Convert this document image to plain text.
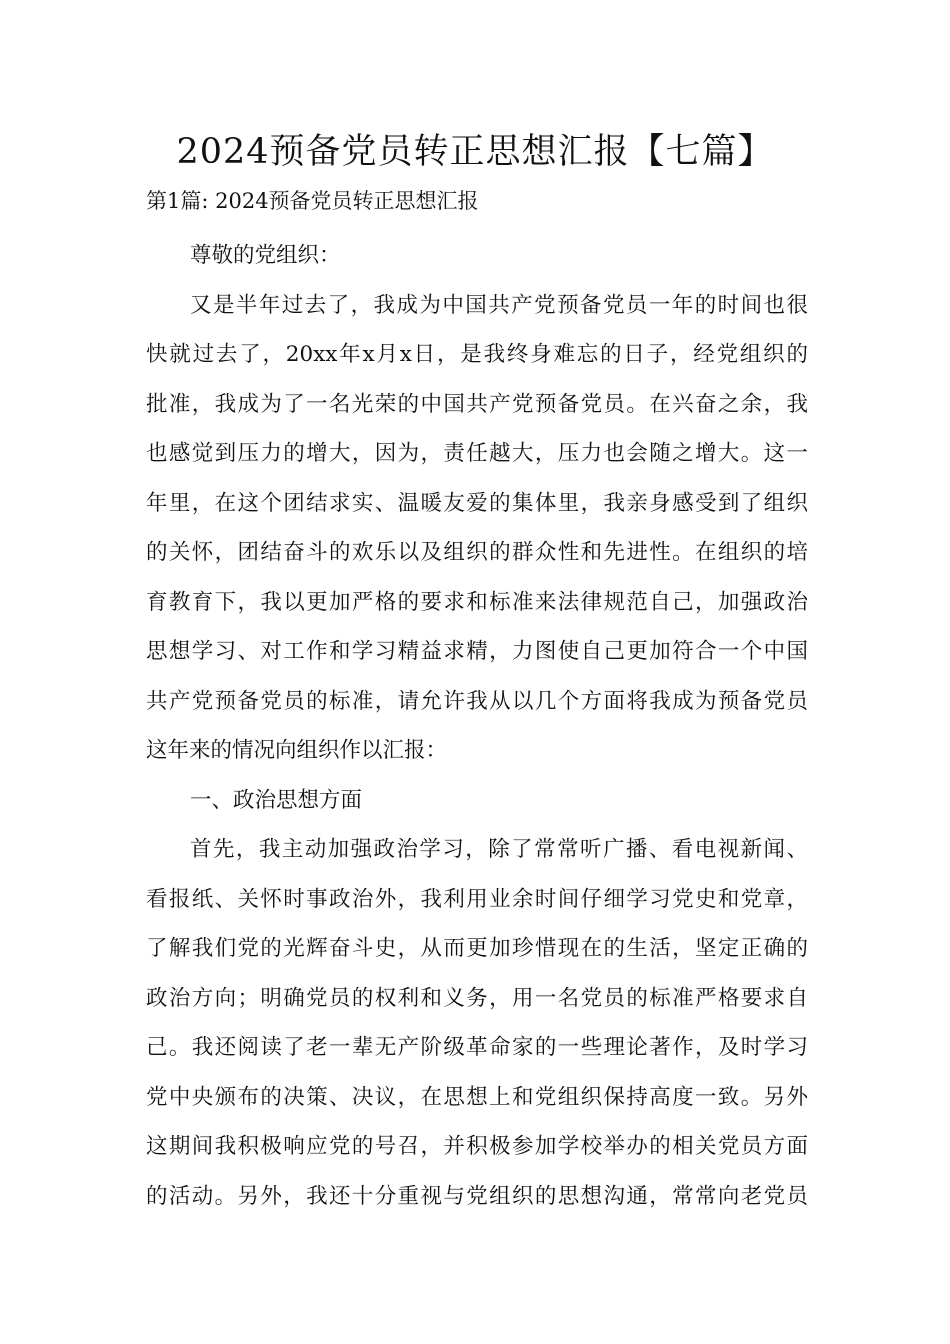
2024预备党员转正思想汇报【七篇】
第1篇: 2024预备党员转正思想汇报

尊敬的党组织：

又是半年过去了，我成为中国共产党预备党员一年的时间也很
快就过去了，20xx年x月x日，是我终身难忘的日子，经党组织的
批准，我成为了一名光荣的中国共产党预备党员。在兴奋之余，我
也感觉到压力的增大，因为，责任越大，压力也会随之增大。这一
年里，在这个团结求实、温暖友爱的集体里，我亲身感受到了组织
的关怀，团结奋斗的欢乐以及组织的群众性和先进性。在组织的培
育教育下，我以更加严格的要求和标准来法律规范自己，加强政治
思想学习、对工作和学习精益求精，力图使自己更加符合一个中国
共产党预备党员的标准，请允许我从以几个方面将我成为预备党员
这年来的情况向组织作以汇报：

一、政治思想方面

首先，我主动加强政治学习，除了常常听广播、看电视新闻、
看报纸、关怀时事政治外，我利用业余时间仔细学习党史和党章，
了解我们党的光辉奋斗史，从而更加珍惜现在的生活，坚定正确的
政治方向；明确党员的权利和义务，用一名党员的标准严格要求自
己。我还阅读了老一辈无产阶级革命家的一些理论著作，及时学习
党中央颁布的决策、决议，在思想上和党组织保持高度一致。另外
这期间我积极响应党的号召，并积极参加学校举办的相关党员方面
的活动。另外，我还十分重视与党组织的思想沟通，常常向老党员
